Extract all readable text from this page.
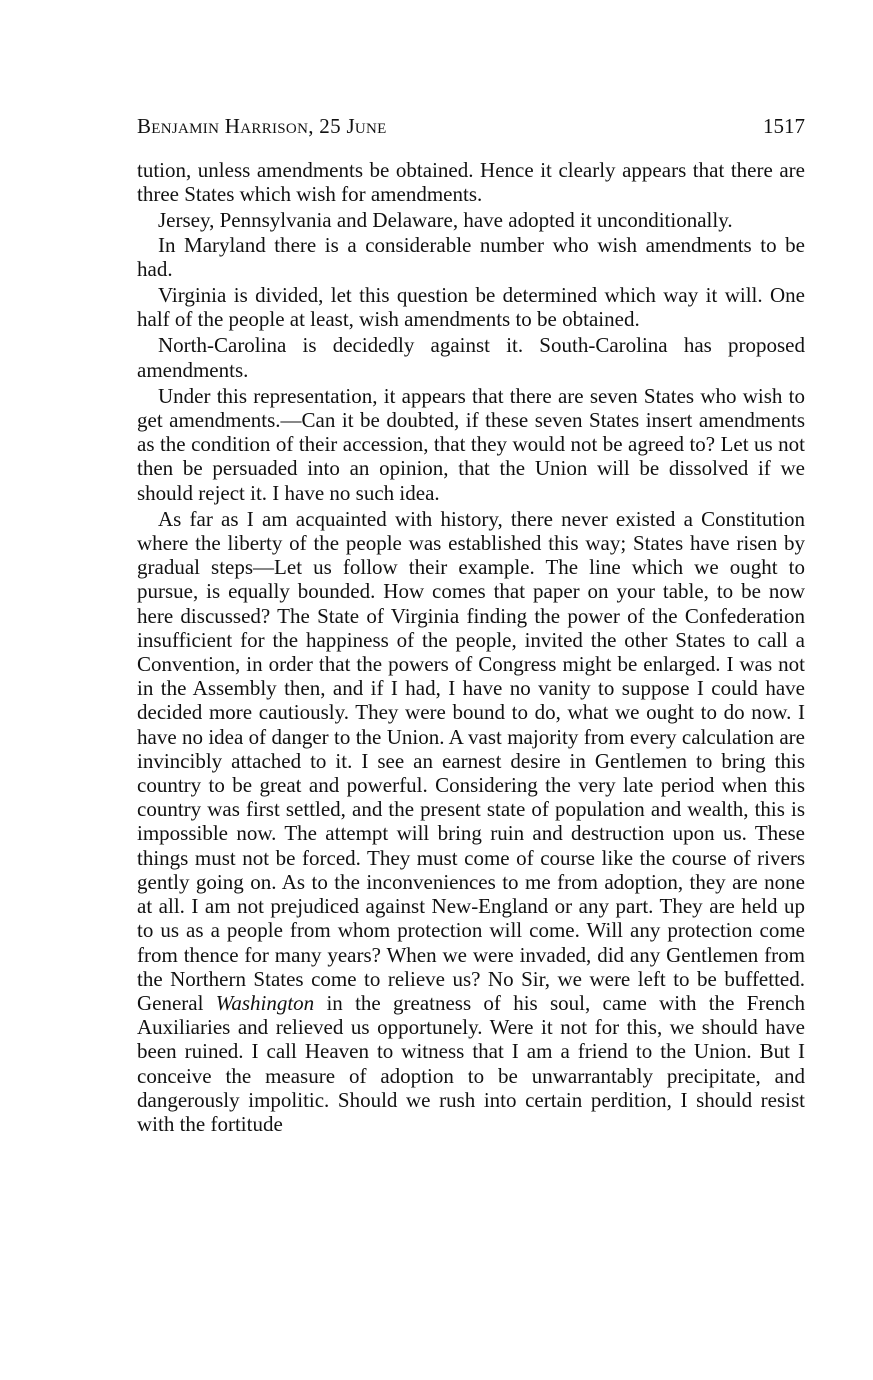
Benjamin Harrison, 25 June	1517

tution, unless amendments be obtained. Hence it clearly appears that there are three States which wish for amendments.

Jersey, Pennsylvania and Delaware, have adopted it unconditionally.

In Maryland there is a considerable number who wish amendments to be had.

Virginia is divided, let this question be determined which way it will. One half of the people at least, wish amendments to be obtained.

North-Carolina is decidedly against it. South-Carolina has proposed amendments.

Under this representation, it appears that there are seven States who wish to get amendments.—Can it be doubted, if these seven States insert amendments as the condition of their accession, that they would not be agreed to? Let us not then be persuaded into an opinion, that the Union will be dissolved if we should reject it. I have no such idea.

As far as I am acquainted with history, there never existed a Constitution where the liberty of the people was established this way; States have risen by gradual steps—Let us follow their example. The line which we ought to pursue, is equally bounded. How comes that paper on your table, to be now here discussed? The State of Virginia finding the power of the Confederation insufficient for the happiness of the people, invited the other States to call a Convention, in order that the powers of Congress might be enlarged. I was not in the Assembly then, and if I had, I have no vanity to suppose I could have decided more cautiously. They were bound to do, what we ought to do now. I have no idea of danger to the Union. A vast majority from every calculation are invincibly attached to it. I see an earnest desire in Gentlemen to bring this country to be great and powerful. Considering the very late period when this country was first settled, and the present state of population and wealth, this is impossible now. The attempt will bring ruin and destruction upon us. These things must not be forced. They must come of course like the course of rivers gently going on. As to the inconveniences to me from adoption, they are none at all. I am not prejudiced against New-England or any part. They are held up to us as a people from whom protection will come. Will any protection come from thence for many years? When we were invaded, did any Gentlemen from the Northern States come to relieve us? No Sir, we were left to be buffetted. General Washington in the greatness of his soul, came with the French Auxiliaries and relieved us opportunely. Were it not for this, we should have been ruined. I call Heaven to witness that I am a friend to the Union. But I conceive the measure of adoption to be unwarrantably precipitate, and dangerously impolitic. Should we rush into certain perdition, I should resist with the fortitude
